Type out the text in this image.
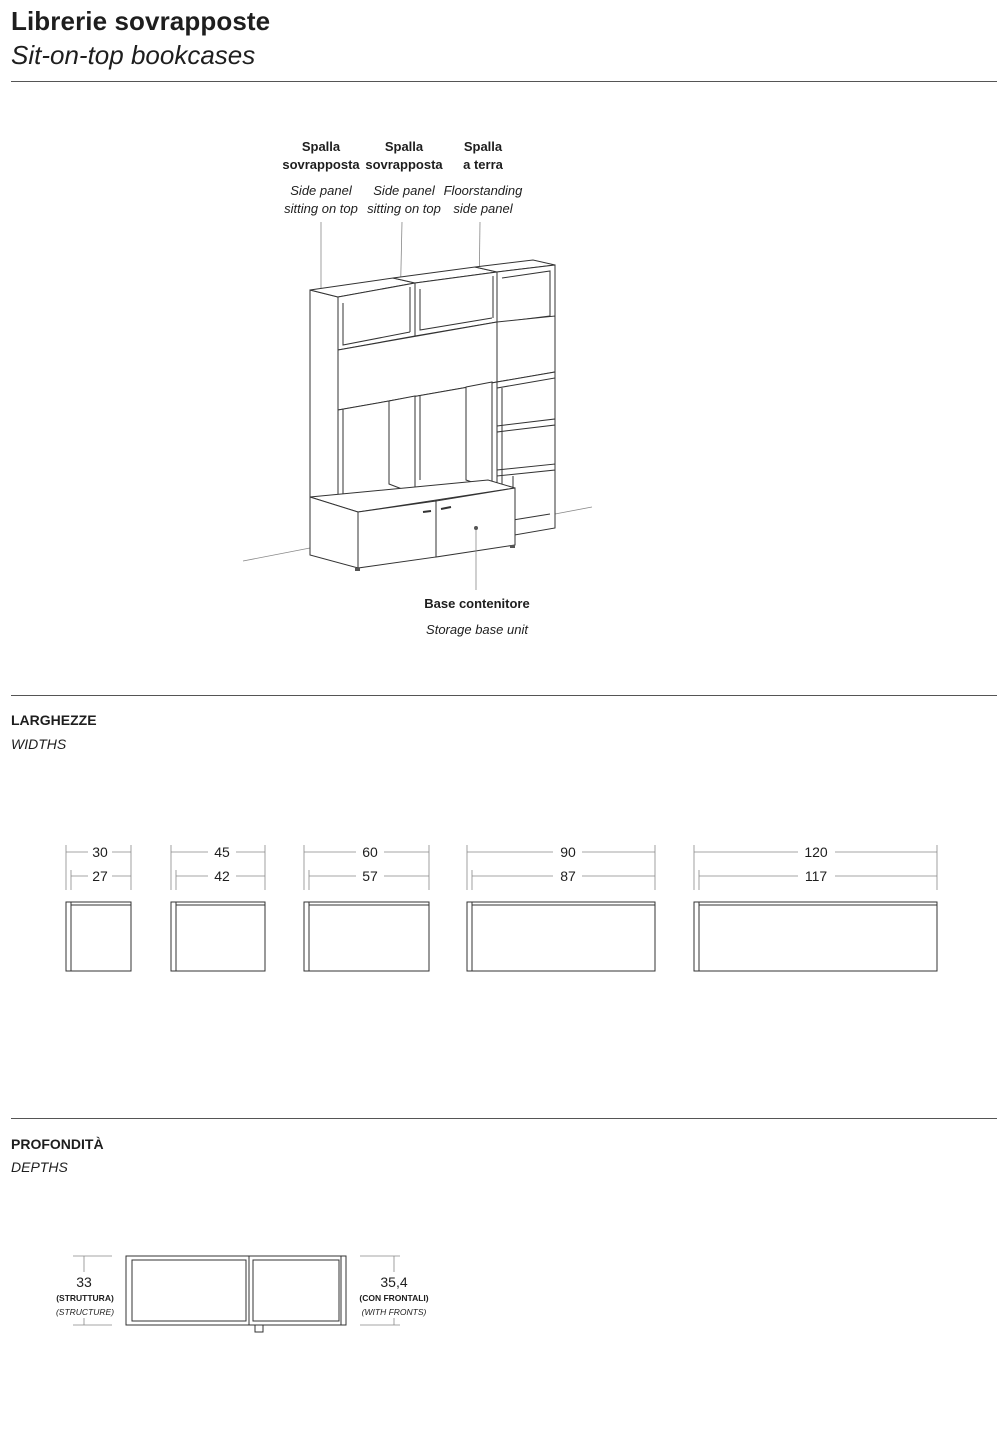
Librerie sovrapposte
Sit-on-top bookcases
Spalla
sovrapposta
Side panel
sitting on top
Spalla
sovrapposta
Side panel
sitting on top
Spalla
a terra
Floorstanding
side panel
Base contenitore
Storage base unit
LARGHEZZE
WIDTHS
30
27
45
42
60
57
90
87
120
117
PROFONDITÀ
DEPTHS
33
(STRUTTURA)
(STRUCTURE)
35,4
(CON FRONTALI)
(WITH FRONTS)
